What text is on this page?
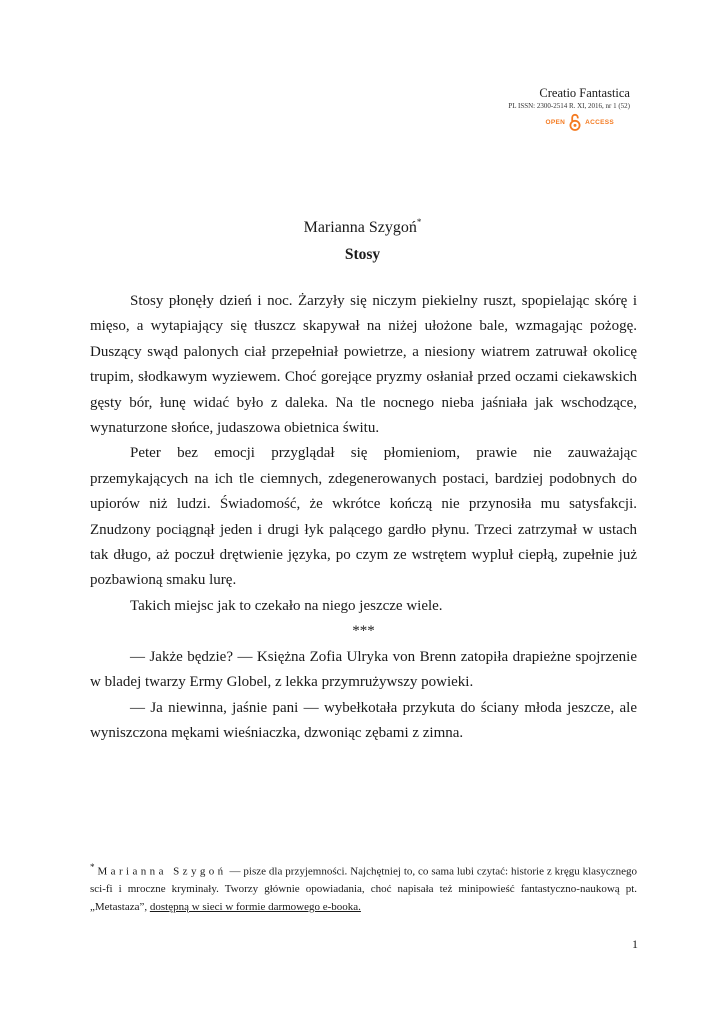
Creatio Fantastica
PL ISSN: 2300-2514 R. XI, 2016, nr 1 (52)
OPEN	ACCESS
Marianna Szygoń*
Stosy

Stosy płonęły dzień i noc. Żarzyły się niczym piekielny ruszt, spopielając skórę i mięso, a wytapiający się tłuszcz skapywał na niżej ułożone bale, wzmagając pożogę. Duszący swąd palonych ciał przepełniał powietrze, a niesiony wiatrem zatruwał okolicę trupim, słodkawym wyziewem. Choć gorejące pryzmy osłaniał przed oczami ciekawskich gęsty bór, łunę widać było z daleka. Na tle nocnego nieba jaśniała jak wschodzące, wynaturzone słońce, judaszowa obietnica świtu.

Peter bez emocji przyglądał się płomieniom, prawie nie zauważając przemykających na ich tle ciemnych, zdegenerowanych postaci, bardziej podobnych do upiorów niż ludzi. Świadomość, że wkrótce kończą nie przynosiła mu satysfakcji. Znudzony pociągnął jeden i drugi łyk palącego gardło płynu. Trzeci zatrzymał w ustach tak długo, aż poczuł drętwienie języka, po czym ze wstrętem wypluł ciepłą, zupełnie już pozbawioną smaku lurę.

Takich miejsc jak to czekało na niego jeszcze wiele.

***

— Jakże będzie? — Księżna Zofia Ulryka von Brenn zatopiła drapieżne spojrzenie w bladej twarzy Ermy Globel, z lekka przymrużywszy powieki.

— Ja niewinna, jaśnie pani — wybełkotała przykuta do ściany młoda jeszcze, ale wyniszczona mękami wieśniaczka, dzwoniąc zębami z zimna.

* Marianna Szygoń — pisze dla przyjemności. Najchętniej to, co sama lubi czytać: historie z kręgu klasycznego sci-fi i mroczne kryminały. Tworzy głównie opowiadania, choć napisała też minipowieść fantastyczno-naukową pt. „Metastaza”, dostępną w sieci w formie darmowego e-booka.
1
